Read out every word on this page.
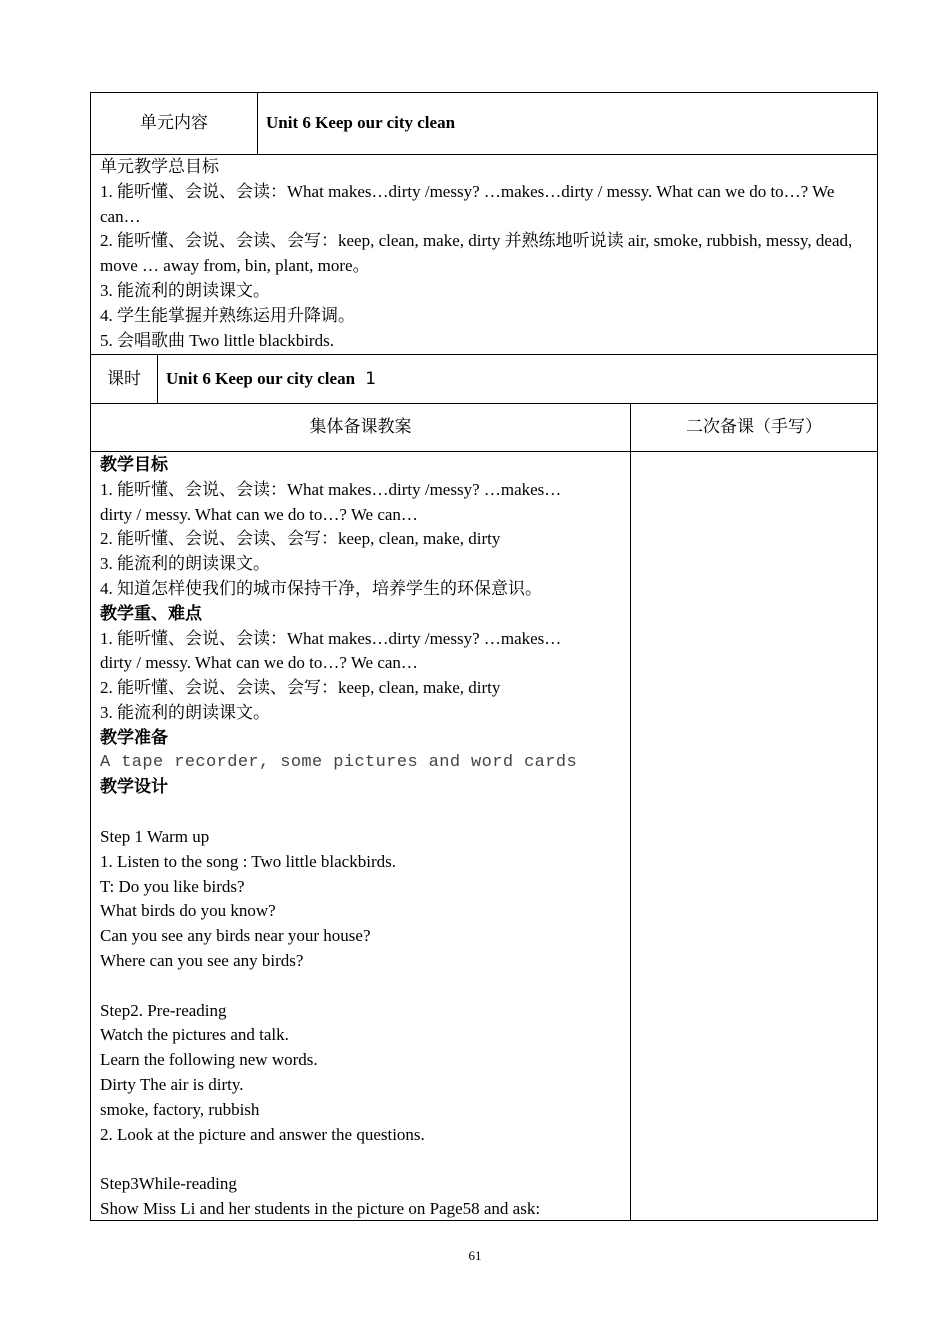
单元内容	Unit 6 Keep our city clean
单元教学总目标
1. 能听懂、会说、会读：What makes…dirty /messy? …makes…dirty / messy. What can we do to…? We can…
2. 能听懂、会说、会读、会写：keep, clean, make, dirty 并熟练地听说读 air, smoke, rubbish, messy, dead, move … away from, bin, plant, more。
3. 能流利的朗读课文。
4. 学生能掌握并熟练运用升降调。
5. 会唱歌曲 Two little blackbirds.
课时	Unit 6 Keep our city clean 1
集体备课教案	二次备课（手写）
教学目标
1. 能听懂、会说、会读：What makes…dirty /messy? …makes…
dirty / messy. What can we do to…? We can…
2. 能听懂、会说、会读、会写：keep, clean, make, dirty
3. 能流利的朗读课文。
4. 知道怎样使我们的城市保持干净，培养学生的环保意识。
教学重、难点
1. 能听懂、会说、会读：What makes…dirty /messy? …makes…
dirty / messy. What can we do to…? We can…
2. 能听懂、会说、会读、会写：keep, clean, make, dirty
3. 能流利的朗读课文。
教学准备
A tape recorder, some pictures and word cards
教学设计
Step 1 Warm up
1. Listen to the song : Two little blackbirds.
T: Do you like birds?
What birds do you know?
Can you see any birds near your house?
Where can you see any birds?
Step2. Pre-reading
Watch the pictures and talk.
Learn the following new words.
Dirty The air is dirty.
smoke, factory, rubbish
2. Look at the picture and answer the questions.
Step3While-reading
Show Miss Li and her students in the picture on Page58 and ask:
61
